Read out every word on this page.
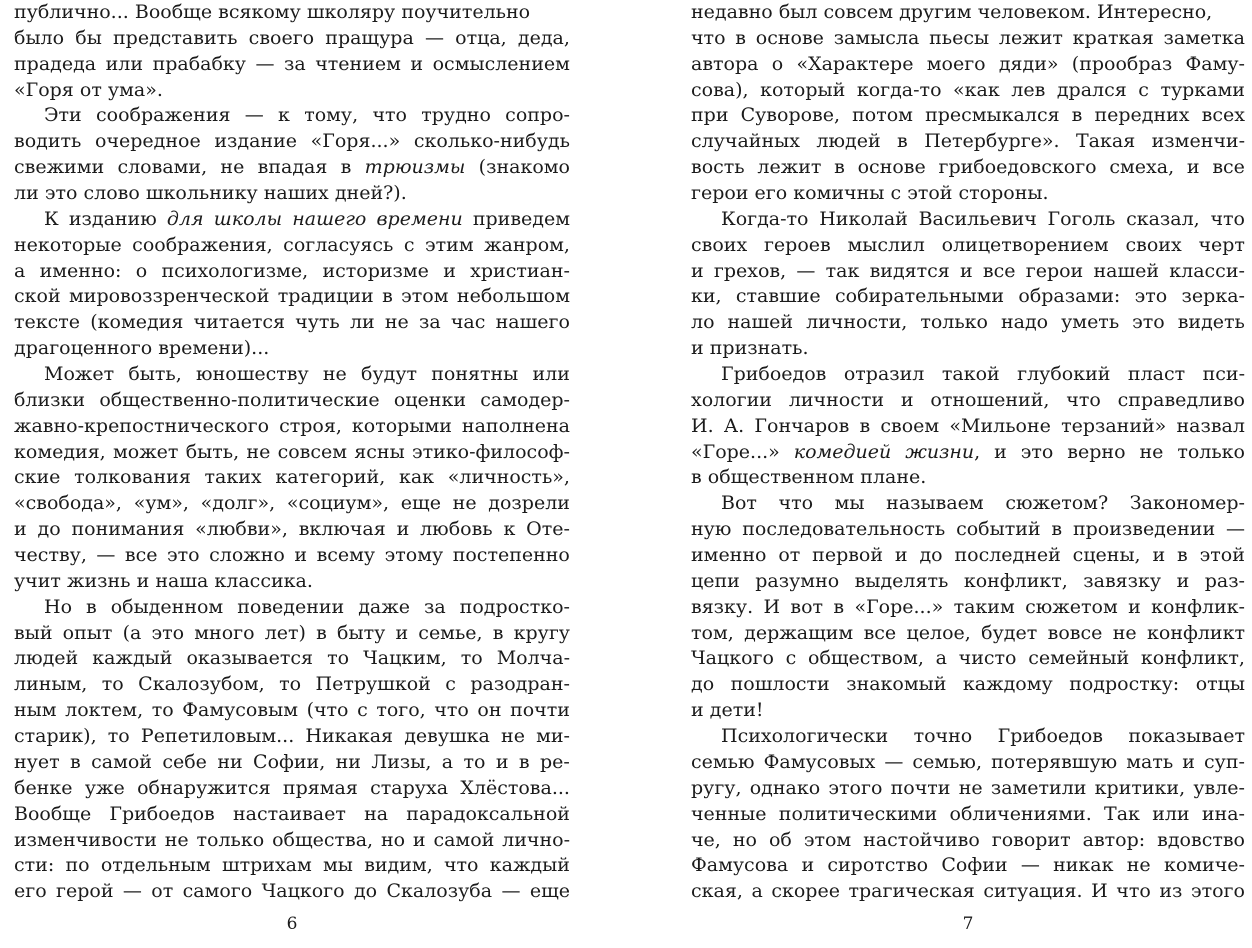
публично... Вообще всякому школяру поучительно
было бы представить своего пращура — отца, деда,
прадеда или прабабку — за чтением и осмыслением
«Горя от ума».
Эти соображения — к тому, что трудно сопро-
водить очередное издание «Горя...» сколько-нибудь
свежими словами, не впадая в трюизмы (знакомо
ли это слово школьнику наших дней?).
К изданию для школы нашего времени приведем
некоторые соображения, согласуясь с этим жанром,
а именно: о психологизме, историзме и христиан-
ской мировоззренческой традиции в этом небольшом
тексте (комедия читается чуть ли не за час нашего
драгоценного времени)...
Может быть, юношеству не будут понятны или
близки общественно-политические оценки самодер-
жавно-крепостнического строя, которыми наполнена
комедия, может быть, не совсем ясны этико-философ-
ские толкования таких категорий, как «личность»,
«свобода», «ум», «долг», «социум», еще не дозрели
и до понимания «любви», включая и любовь к Оте-
честву, — все это сложно и всему этому постепенно
учит жизнь и наша классика.
Но в обыденном поведении даже за подростко-
вый опыт (а это много лет) в быту и семье, в кругу
людей каждый оказывается то Чацким, то Молча-
линым, то Скалозубом, то Петрушкой с разодран-
ным локтем, то Фамусовым (что с того, что он почти
старик), то Репетиловым... Никакая девушка не ми-
нует в самой себе ни Софии, ни Лизы, а то и в ре-
бенке уже обнаружится прямая старуха Хлёстова...
Вообще Грибоедов настаивает на парадоксальной
изменчивости не только общества, но и самой лично-
сти: по отдельным штрихам мы видим, что каждый
его герой — от самого Чацкого до Скалозуба — еще
6
недавно был совсем другим человеком. Интересно,
что в основе замысла пьесы лежит краткая заметка
автора о «Характере моего дяди» (прообраз Фаму-
сова), который когда-то «как лев дрался с турками
при Суворове, потом пресмыкался в передних всех
случайных людей в Петербурге». Такая изменчи-
вость лежит в основе грибоедовского смеха, и все
герои его комичны с этой стороны.
Когда-то Николай Васильевич Гоголь сказал, что
своих героев мыслил олицетворением своих черт
и грехов, — так видятся и все герои нашей класси-
ки, ставшие собирательными образами: это зерка-
ло нашей личности, только надо уметь это видеть
и признать.
Грибоедов отразил такой глубокий пласт пси-
хологии личности и отношений, что справедливо
И. А. Гончаров в своем «Мильоне терзаний» назвал
«Горе...» комедией жизни, и это верно не только
в общественном плане.
Вот что мы называем сюжетом? Закономер-
ную последовательность событий в произведении —
именно от первой и до последней сцены, и в этой
цепи разумно выделять конфликт, завязку и раз-
вязку. И вот в «Горе...» таким сюжетом и конфлик-
том, держащим все целое, будет вовсе не конфликт
Чацкого с обществом, а чисто семейный конфликт,
до пошлости знакомый каждому подростку: отцы
и дети!
Психологически точно Грибоедов показывает
семью Фамусовых — семью, потерявшую мать и суп-
ругу, однако этого почти не заметили критики, увле-
ченные политическими обличениями. Так или ина-
че, но об этом настойчиво говорит автор: вдовство
Фамусова и сиротство Софии — никак не комиче-
ская, а скорее трагическая ситуация. И что из этого
7
